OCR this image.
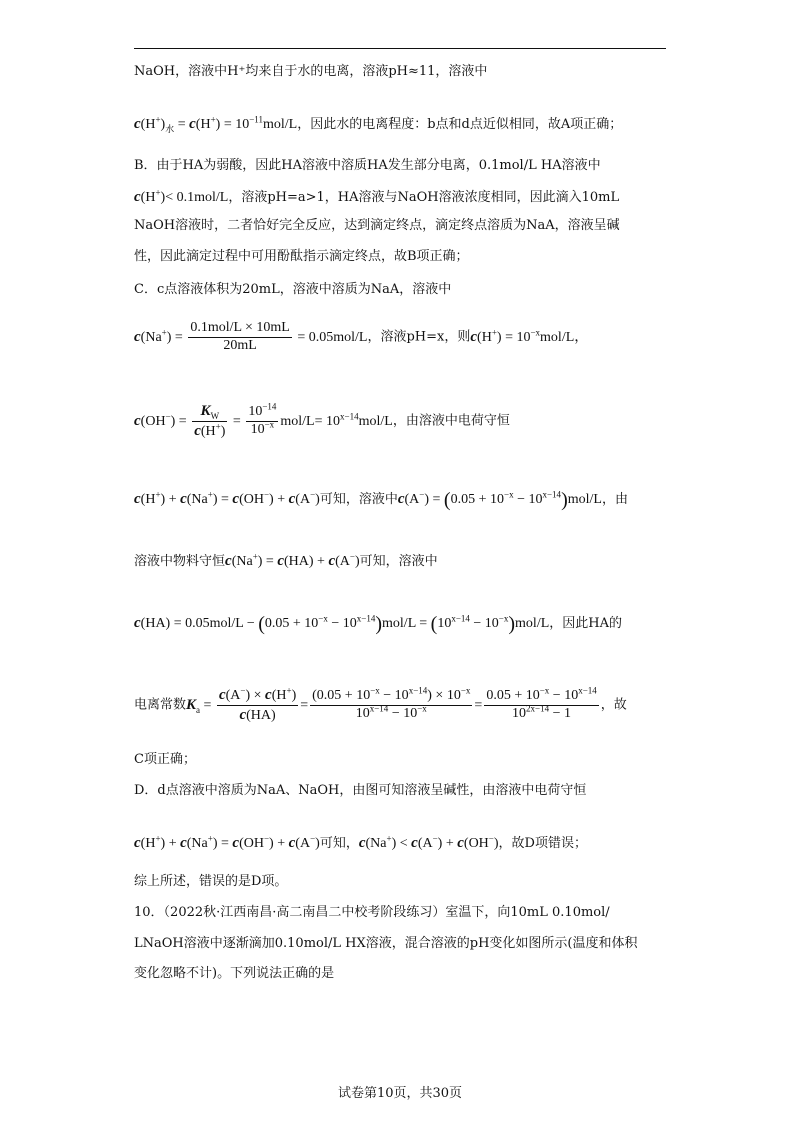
NaOH，溶液中H⁺均来自于水的电离，溶液pH≈11，溶液中
$c(H^+)_水 = c(H^+) = 10^{-11}mol/L$，因此水的电离程度：b点和d点近似相同，故A项正确；
B．由于HA为弱酸，因此HA溶液中溶质HA发生部分电离，0.1mol/L HA溶液中
c(H+)< 0.1mol/L，溶液pH=a>1，HA溶液与NaOH溶液浓度相同，因此滴入10mL
NaOH溶液时，二者恰好完全反应，达到滴定终点，滴定终点溶质为NaA，溶液呈碱
性，因此滴定过程中可用酚酞指示滴定终点，故B项正确；
C．c点溶液体积为20mL，溶液中溶质为NaA，溶液中
$c(Na^+) = \frac{\text{0.1mol/L × 10mL}}{20mL} = 0.05mol/L$，溶液pH=x，则$c(H^+) = 10^{-x}mol/L$，
$c(OH^-) = \frac{K_W}{c(H^+)} = \frac{10^{-14}}{10^{-x}} mol/L= 10^{x-14}mol/L$，由溶液中电荷守恒
c(H+) + c(Na+) = c(OH−) + c(A−)可知，溶液中$c(A^-) = (0.05 + 10^{-x} - 10^{x-14})mol/L$，由
溶液中物料守恒c(Na+) = c(HA) + c(A−)可知，溶液中
$c(HA) = 0.05mol/L - (0.05 + 10^{-x} - 10^{x-14})mol/L = (10^{x-14} - 10^{-x})mol/L$，因此HA的
电离常数$K_a = \frac{c(A^-) \times c(H^+)}{c(HA)} = \frac{(0.05 + 10^{-x} - 10^{x-14}) \times 10^{-x}}{10^{x-14} - 10^{-x}} = \frac{0.05 + 10^{-x} - 10^{x-14}}{10^{2x-14} - 1}$ ，故
C项正确；
D．d点溶液中溶质为NaA、NaOH，由图可知溶液呈碱性，由溶液中电荷守恒
c(H+) + c(Na+) = c(OH−) + c(A−)可知，c(Na+) < c(A−) + c(OH−)，故D项错误；
综上所述，错误的是D项。
10．（2022秋·江西南昌·高二南昌二中校考阶段练习）室温下，向10mL 0.10mol/
LNaOH溶液中逐渐滴加0.10mol/L HX溶液，混合溶液的pH变化如图所示(温度和体积
变化忽略不计)。下列说法正确的是
试卷第10页，共30页
